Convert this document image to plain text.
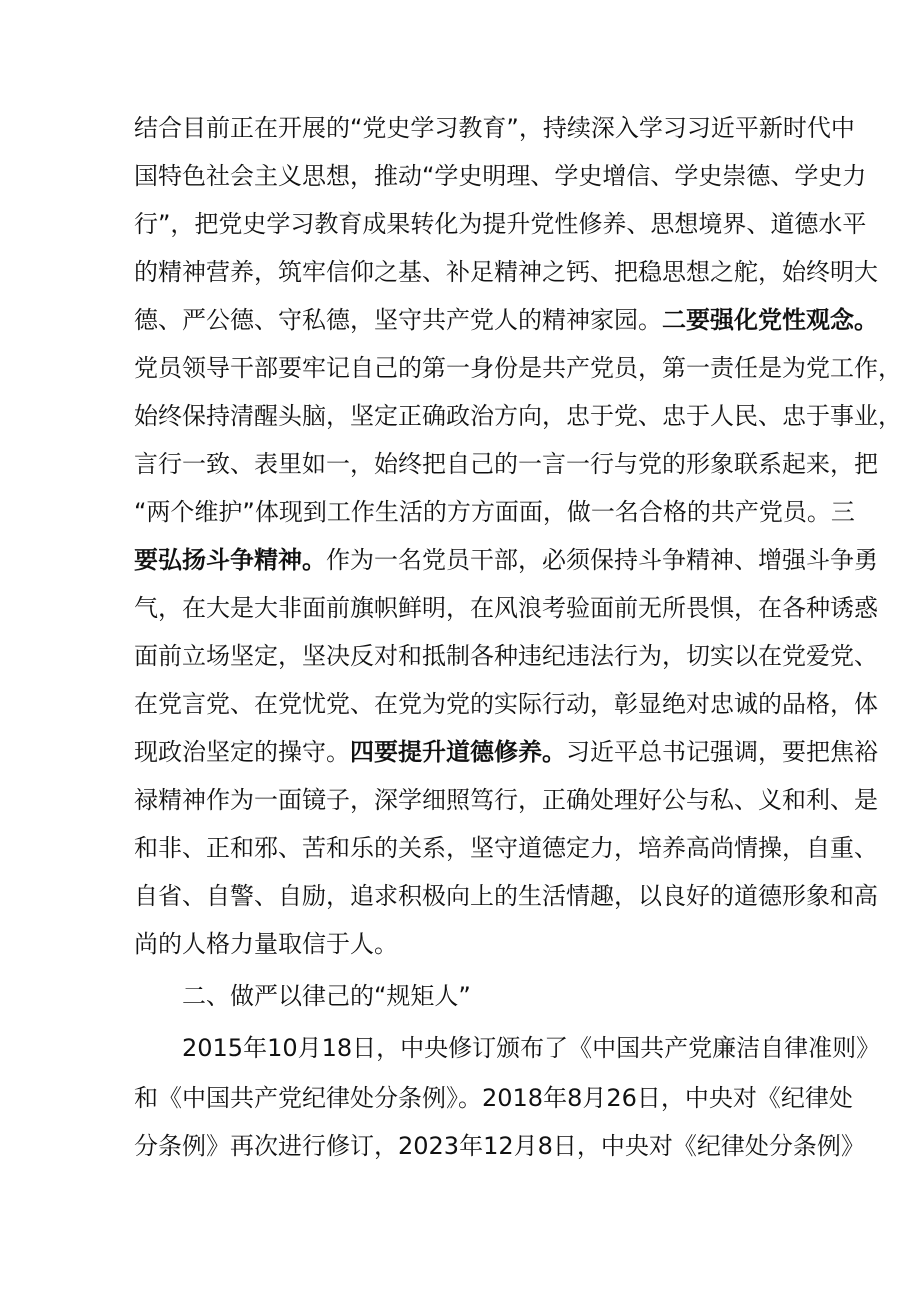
结合目前正在开展的“党史学习教育”，持续深入学习习近平新时代中
国特色社会主义思想，推动“学史明理、学史增信、学史崇德、学史力
行”，把党史学习教育成果转化为提升党性修养、思想境界、道德水平
的精神营养，筑牢信仰之基、补足精神之钙、把稳思想之舵，始终明大
德、严公德、守私德，坚守共产党人的精神家园。二要强化党性观念。
党员领导干部要牢记自己的第一身份是共产党员，第一责任是为党工作，
始终保持清醒头脑，坚定正确政治方向，忠于党、忠于人民、忠于事业，
言行一致、表里如一，始终把自己的一言一行与党的形象联系起来，把
“两个维护”体现到工作生活的方方面面，做一名合格的共产党员。三
要弘扬斗争精神。作为一名党员干部，必须保持斗争精神、增强斗争勇
气，在大是大非面前旗帜鲜明，在风浪考验面前无所畏惧，在各种诱惑
面前立场坚定，坚决反对和抵制各种违纪违法行为，切实以在党爱党、
在党言党、在党忧党、在党为党的实际行动，彰显绝对忠诚的品格，体
现政治坚定的操守。四要提升道德修养。习近平总书记强调，要把焦裕
禄精神作为一面镜子，深学细照笃行，正确处理好公与私、义和利、是
和非、正和邪、苦和乐的关系，坚守道德定力，培养高尚情操，自重、
自省、自警、自励，追求积极向上的生活情趣，以良好的道德形象和高
尚的人格力量取信于人。
二、做严以律己的“规矩人”
2015年10月18日，中央修订颁布了《中国共产党廉洁自律准则》
和《中国共产党纪律处分条例》。2018年8月26日，中央对《纪律处
分条例》再次进行修订，2023年12月8日，中央对《纪律处分条例》
